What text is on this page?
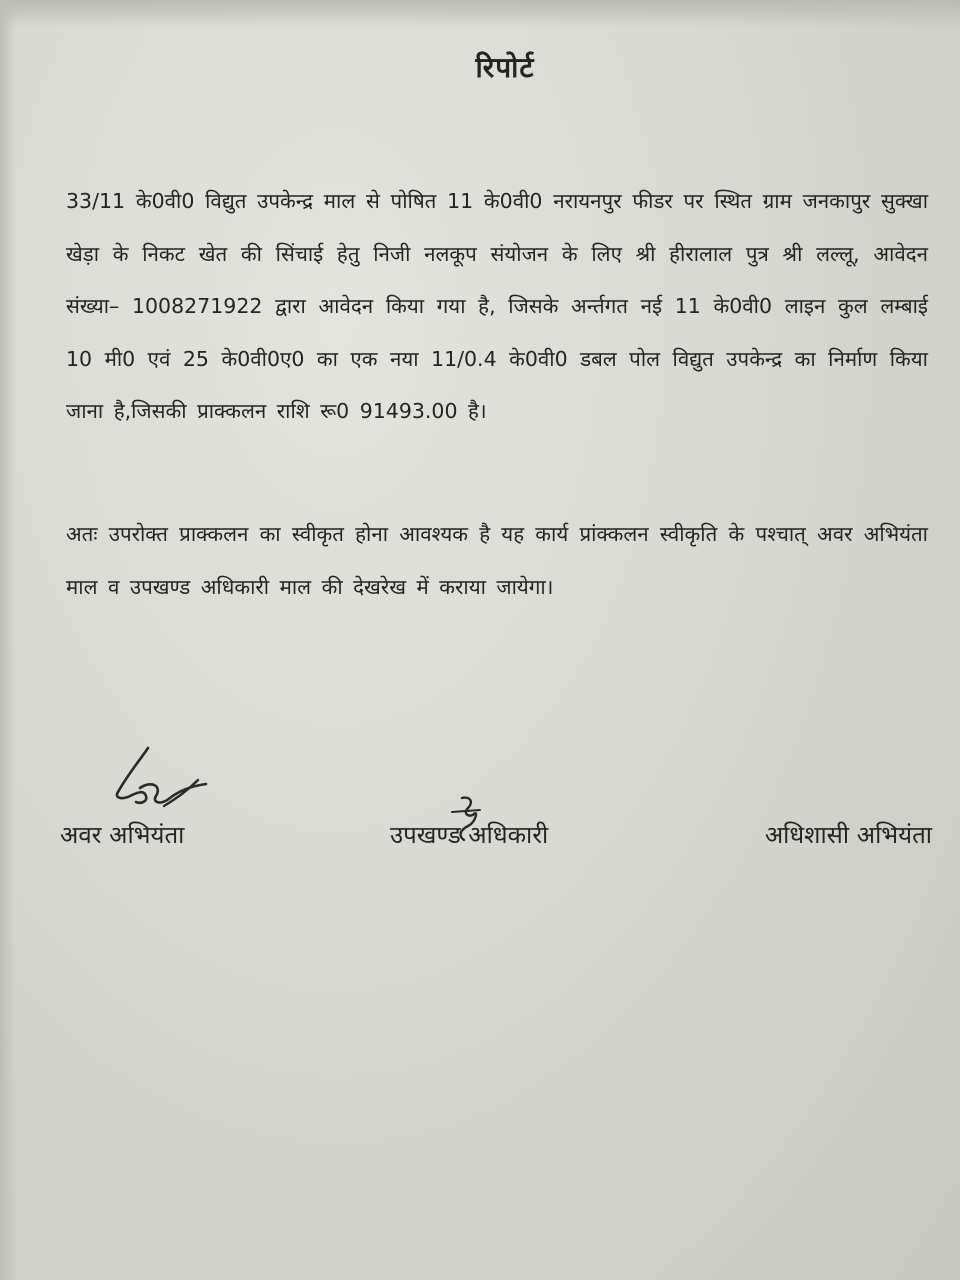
रिपोर्ट

33/11 के0वी0 विद्युत उपकेन्द्र माल से पोषित 11 के0वी0 नरायनपुर फीडर पर स्थित ग्राम जनकापुर सुक्खा खेड़ा के निकट खेत की सिंचाई हेतु निजी नलकूप संयोजन के लिए श्री हीरालाल पुत्र श्री लल्लू, आवेदन संख्या– 1008271922 द्वारा आवेदन किया गया है, जिसके अर्न्तगत नई 11 के0वी0 लाइन कुल लम्बाई 10 मी0 एवं 25 के0वी0ए0 का एक नया 11/0.4 के0वी0 डबल पोल विद्युत उपकेन्द्र का निर्माण किया जाना है,जिसकी प्राक्कलन राशि रू0 91493.00 है।

अतः उपरोक्त प्राक्कलन का स्वीकृत होना आवश्यक है यह कार्य प्रांक्कलन स्वीकृति के पश्चात् अवर अभियंता माल व उपखण्ड अधिकारी माल की देखरेख में कराया जायेगा।

अवर अभियंता	उपखण्ड अधिकारी	अधिशासी अभियंता
